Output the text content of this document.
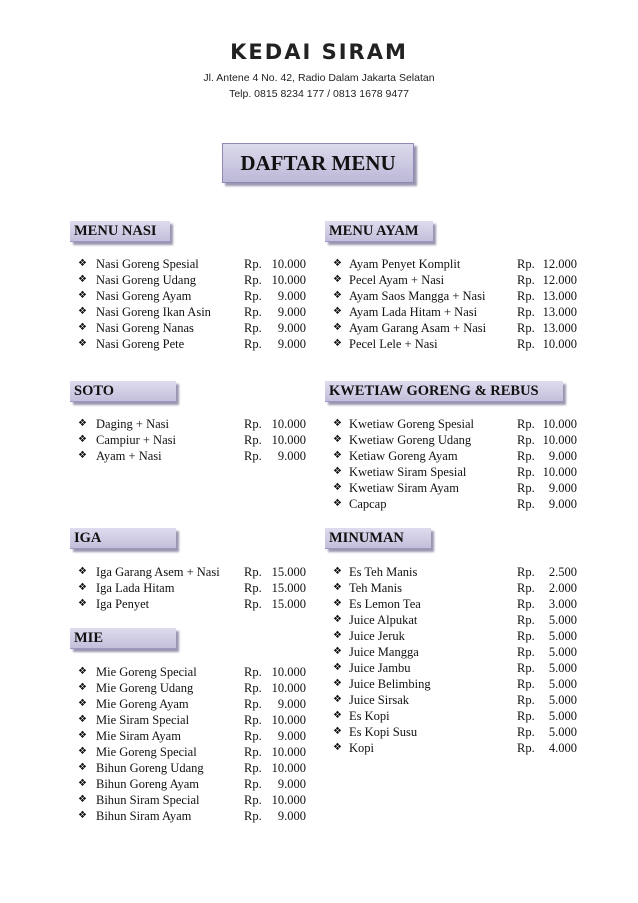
KEDAI SIRAM
Jl. Antene 4 No. 42, Radio Dalam Jakarta Selatan
Telp. 0815 8234 177 / 0813 1678 9477
DAFTAR MENU
MENU NASI	MENU AYAM
SOTO	KWETIAW GORENG & REBUS
IGA	MINUMAN
MIE
❖ Nasi Goreng Spesial	Rp. 10.000
❖ Nasi Goreng Udang	Rp. 10.000
❖ Nasi Goreng Ayam	Rp. 9.000
❖ Nasi Goreng Ikan Asin	Rp. 9.000
❖ Nasi Goreng Nanas	Rp. 9.000
❖ Nasi Goreng Pete	Rp. 9.000
❖ Ayam Penyet Komplit	Rp. 12.000
❖ Pecel Ayam + Nasi	Rp. 12.000
❖ Ayam Saos Mangga + Nasi	Rp. 13.000
❖ Ayam Lada Hitam + Nasi	Rp. 13.000
❖ Ayam Garang Asam + Nasi Rp. 13.000
❖ Pecel Lele + Nasi	Rp. 10.000
❖ Daging + Nasi	Rp. 10.000
❖ Campiur + Nasi	Rp. 10.000
❖ Ayam + Nasi	Rp. 9.000
❖ Kwetiaw Goreng Spesial	Rp. 10.000
❖ Kwetiaw Goreng Udang	Rp. 10.000
❖ Ketiaw Goreng Ayam	Rp. 9.000
❖ Kwetiaw Siram Spesial	Rp. 10.000
❖ Kwetiaw Siram Ayam	Rp. 9.000
❖ Capcap	Rp. 9.000
❖ Iga Garang Asem + Nasi Rp. 15.000
❖ Iga Lada Hitam	Rp. 15.000
❖ Iga Penyet	Rp. 15.000
❖ Es Teh Manis	Rp. 2.500
❖ Teh Manis	Rp. 2.000
❖ Es Lemon Tea	Rp. 3.000
❖ Juice Alpukat	Rp. 5.000
❖ Juice Jeruk	Rp. 5.000
❖ Juice Mangga	Rp. 5.000
❖ Juice Jambu	Rp. 5.000
❖ Juice Belimbing	Rp. 5.000
❖ Juice Sirsak	Rp. 5.000
❖ Es Kopi	Rp. 5.000
❖ Es Kopi Susu	Rp. 5.000
❖ Kopi	Rp. 4.000
❖ Mie Goreng Special	Rp. 10.000
❖ Mie Goreng Udang	Rp. 10.000
❖ Mie Goreng Ayam	Rp. 9.000
❖ Mie Siram Special	Rp. 10.000
❖ Mie Siram Ayam	Rp. 9.000
❖ Mie Goreng Special	Rp. 10.000
❖ Bihun Goreng Udang	Rp. 10.000
❖ Bihun Goreng Ayam	Rp. 9.000
❖ Bihun Siram Special	Rp. 10.000
❖ Bihun Siram Ayam	Rp. 9.000
